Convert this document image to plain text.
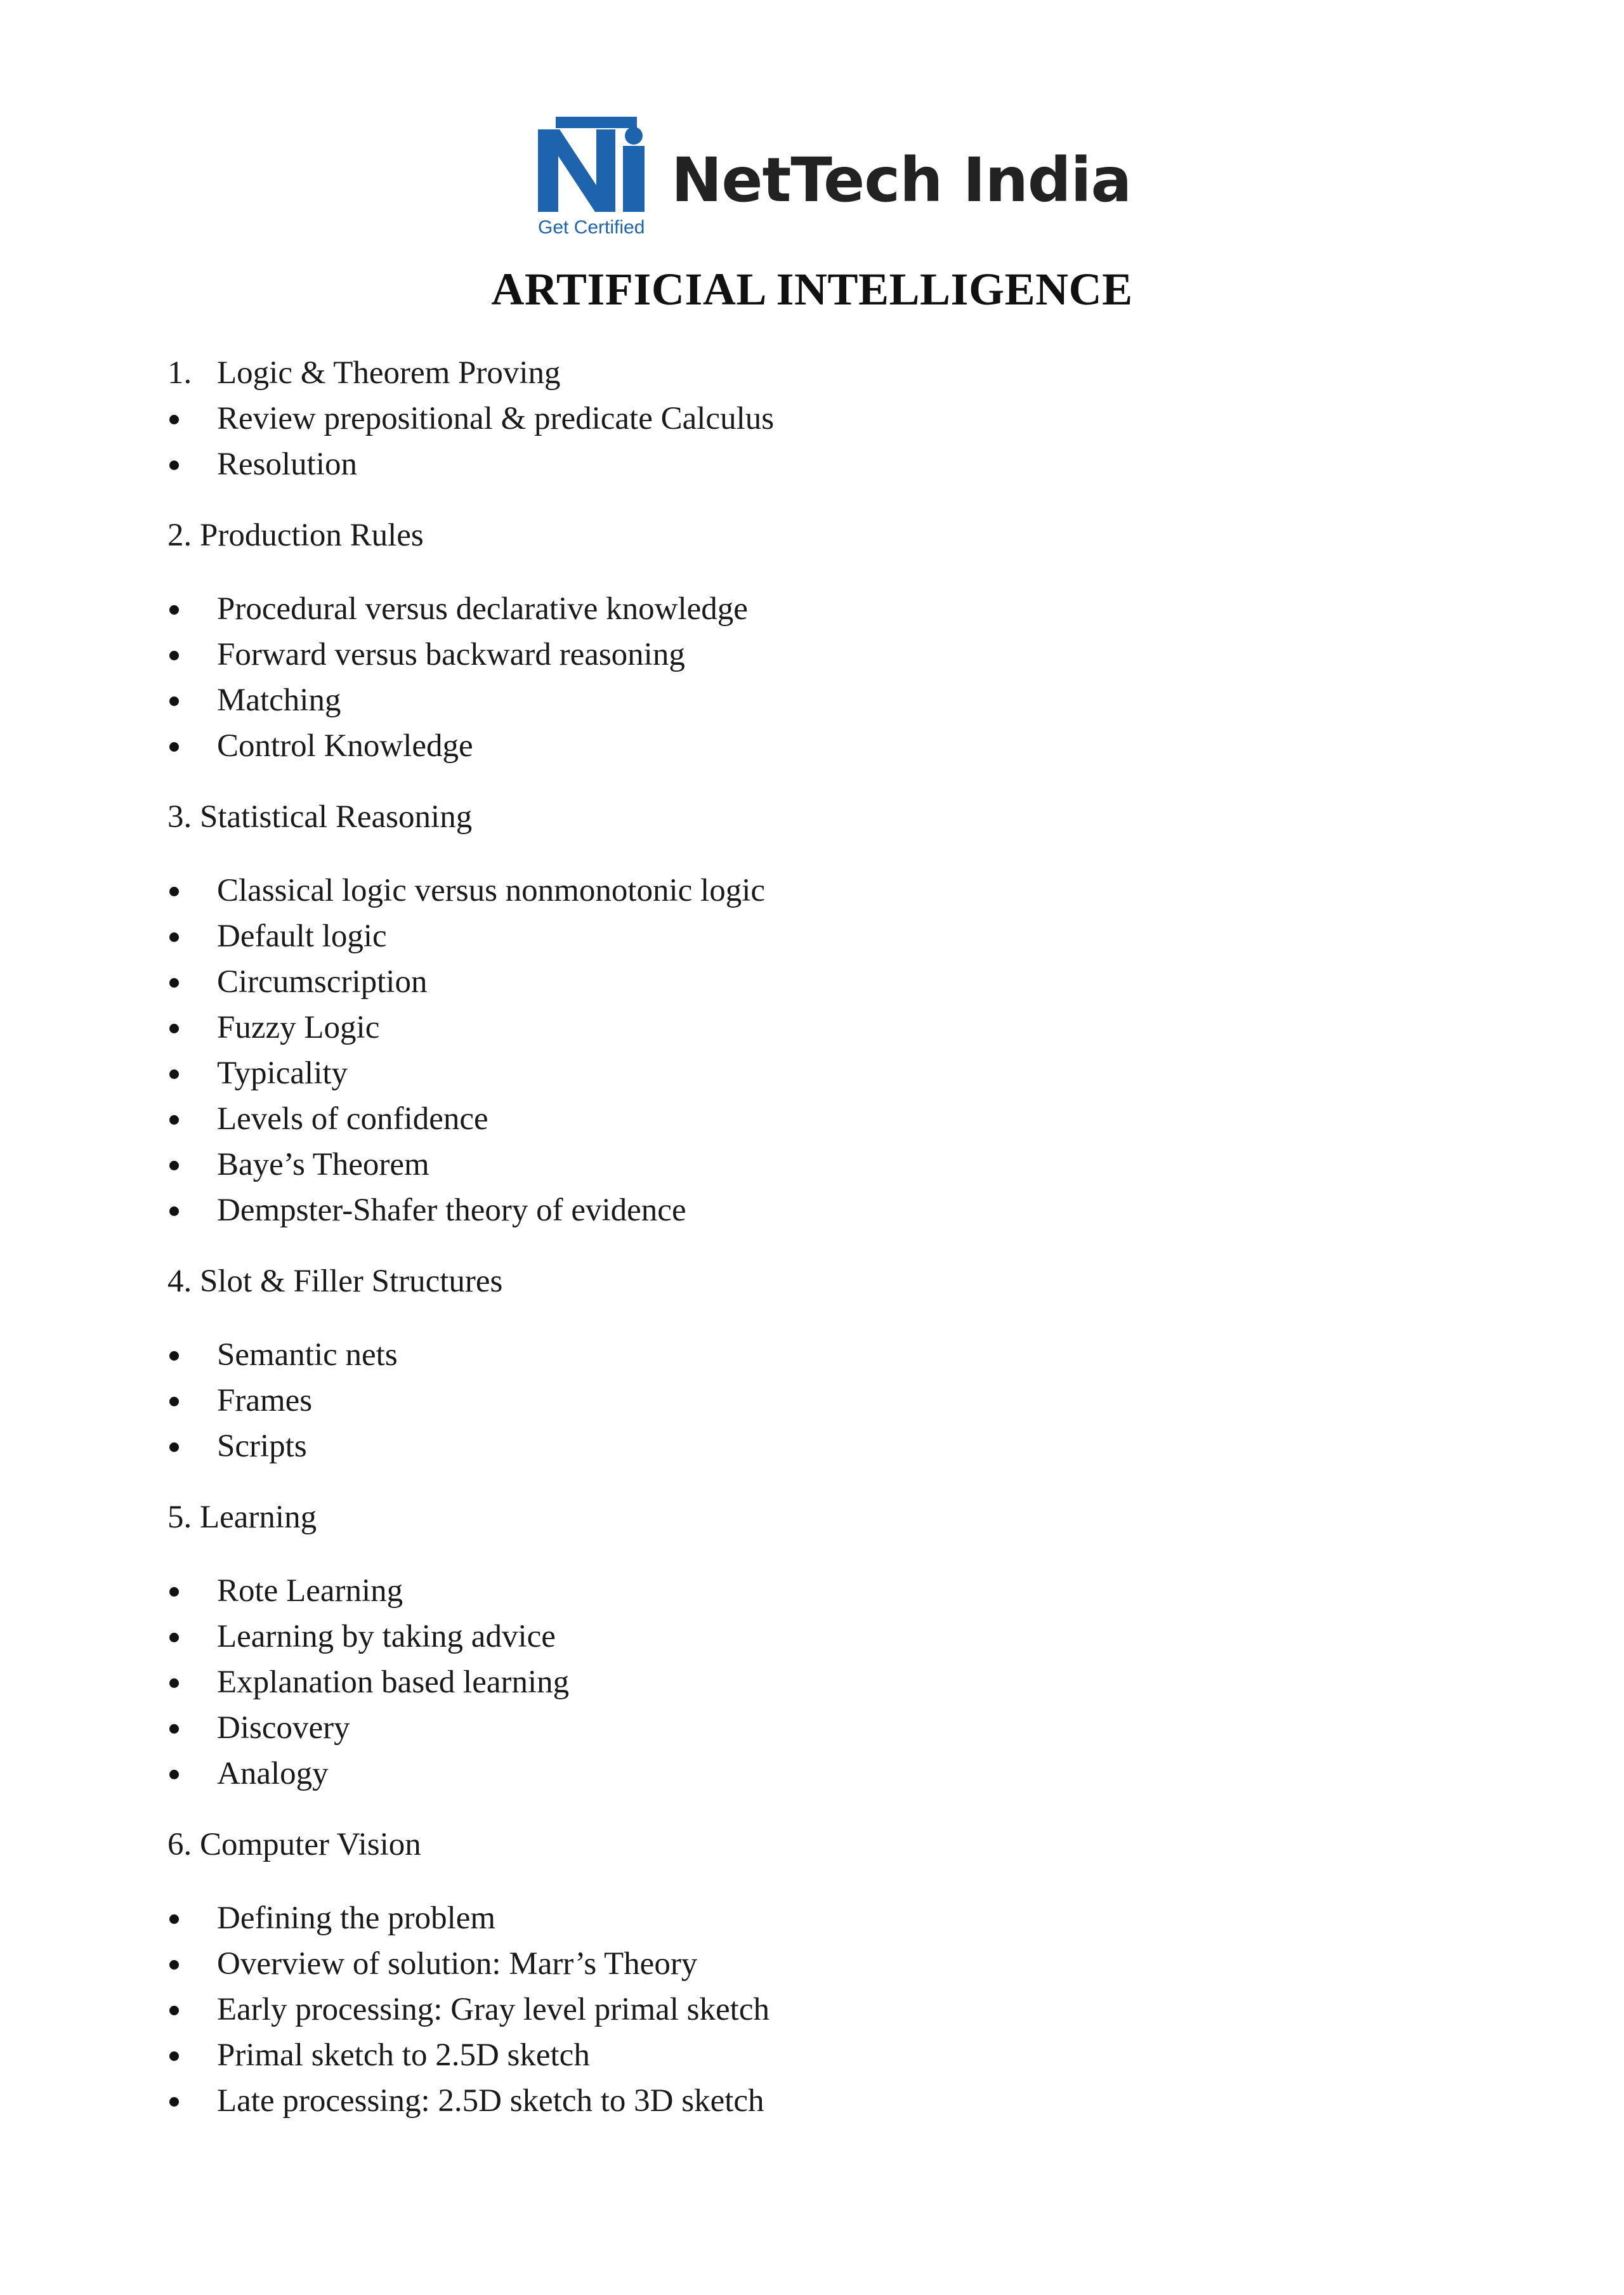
Get Certified
NetTech India
ARTIFICIAL INTELLIGENCE
1. Logic & Theorem Proving
Review prepositional & predicate Calculus
Resolution
2. Production Rules
Procedural versus declarative knowledge
Forward versus backward reasoning
Matching
Control Knowledge
3. Statistical Reasoning
Classical logic versus nonmonotonic logic
Default logic
Circumscription
Fuzzy Logic
Typicality
Levels of confidence
Baye’s Theorem
Dempster-Shafer theory of evidence
4. Slot & Filler Structures
Semantic nets
Frames
Scripts
5. Learning
Rote Learning
Learning by taking advice
Explanation based learning
Discovery
Analogy
6. Computer Vision
Defining the problem
Overview of solution: Marr’s Theory
Early processing: Gray level primal sketch
Primal sketch to 2.5D sketch
Late processing: 2.5D sketch to 3D sketch
